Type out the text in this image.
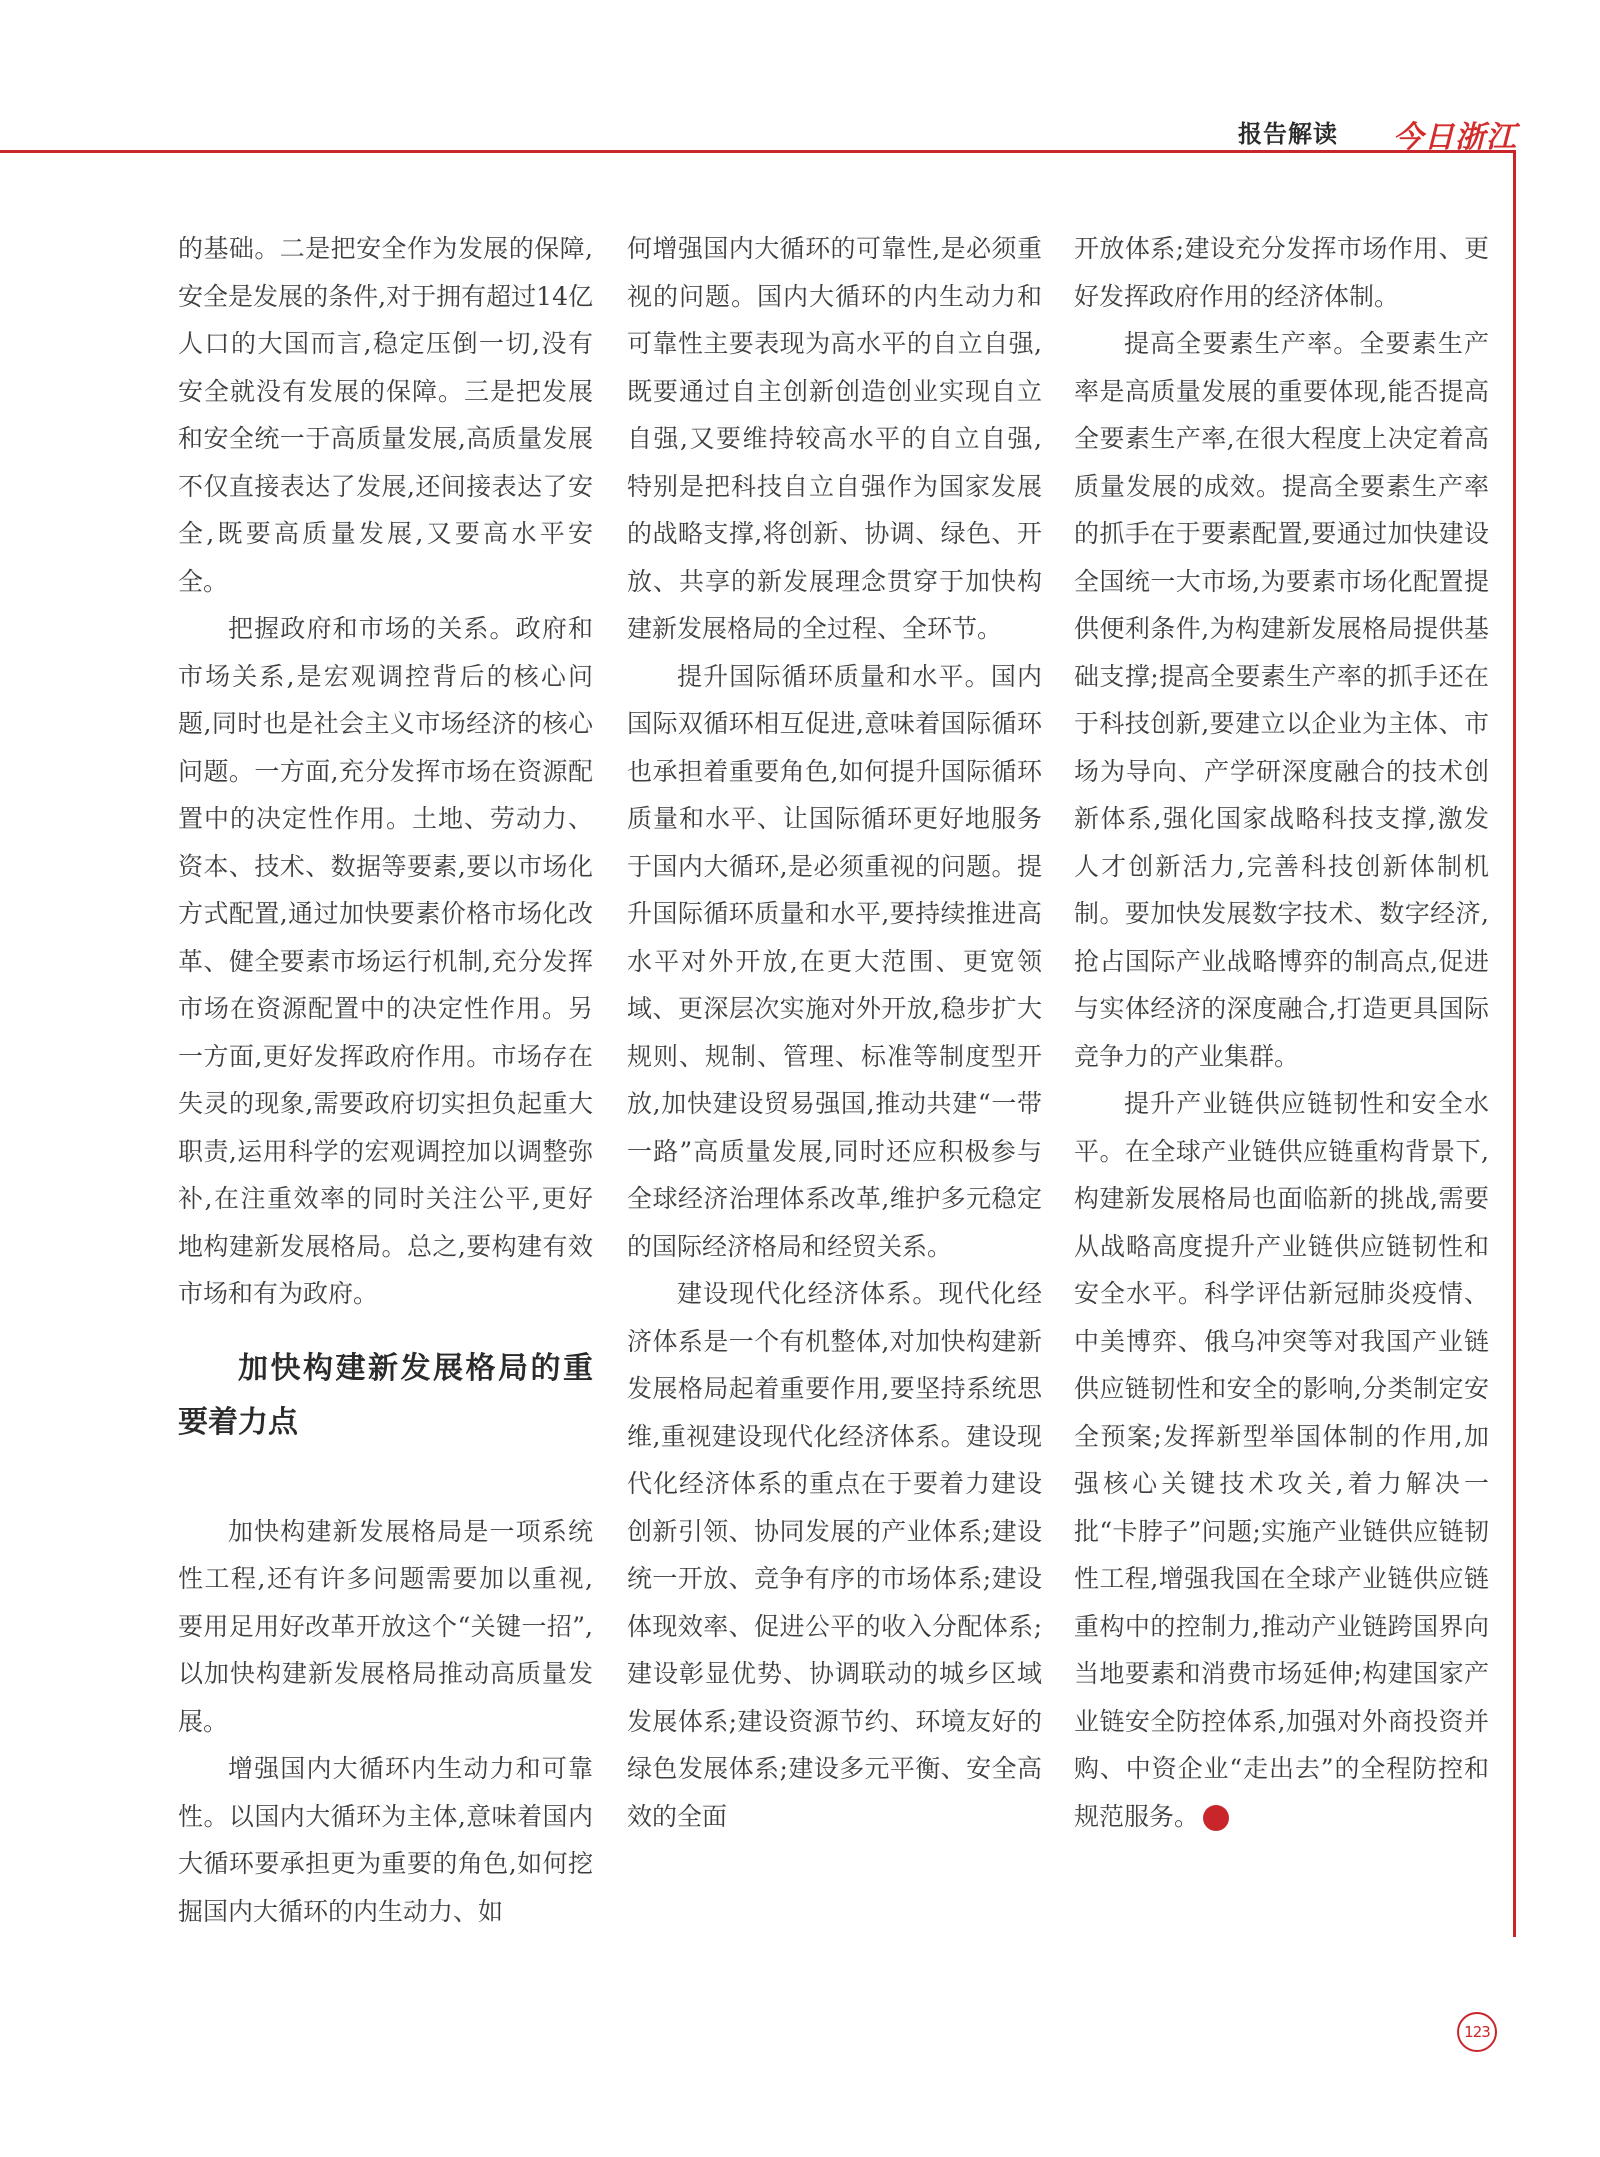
报告解读	今日浙江

的基础。二是把安全作为发展的保障,安全是发展的条件,对于拥有超过14亿人口的大国而言,稳定压倒一切,没有安全就没有发展的保障。三是把发展和安全统一于高质量发展,高质量发展不仅直接表达了发展,还间接表达了安全,既要高质量发展,又要高水平安全。

把握政府和市场的关系。政府和市场关系,是宏观调控背后的核心问题,同时也是社会主义市场经济的核心问题。一方面,充分发挥市场在资源配置中的决定性作用。土地、劳动力、资本、技术、数据等要素,要以市场化方式配置,通过加快要素价格市场化改革、健全要素市场运行机制,充分发挥市场在资源配置中的决定性作用。另一方面,更好发挥政府作用。市场存在失灵的现象,需要政府切实担负起重大职责,运用科学的宏观调控加以调整弥补,在注重效率的同时关注公平,更好地构建新发展格局。总之,要构建有效市场和有为政府。

加快构建新发展格局的重要着力点

加快构建新发展格局是一项系统性工程,还有许多问题需要加以重视,要用足用好改革开放这个“关键一招”,以加快构建新发展格局推动高质量发展。

增强国内大循环内生动力和可靠性。以国内大循环为主体,意味着国内大循环要承担更为重要的角色,如何挖掘国内大循环的内生动力、如

何增强国内大循环的可靠性,是必须重视的问题。国内大循环的内生动力和可靠性主要表现为高水平的自立自强,既要通过自主创新创造创业实现自立自强,又要维持较高水平的自立自强,特别是把科技自立自强作为国家发展的战略支撑,将创新、协调、绿色、开放、共享的新发展理念贯穿于加快构建新发展格局的全过程、全环节。

提升国际循环质量和水平。国内国际双循环相互促进,意味着国际循环也承担着重要角色,如何提升国际循环质量和水平、让国际循环更好地服务于国内大循环,是必须重视的问题。提升国际循环质量和水平,要持续推进高水平对外开放,在更大范围、更宽领域、更深层次实施对外开放,稳步扩大规则、规制、管理、标准等制度型开放,加快建设贸易强国,推动共建“一带一路”高质量发展,同时还应积极参与全球经济治理体系改革,维护多元稳定的国际经济格局和经贸关系。

建设现代化经济体系。现代化经济体系是一个有机整体,对加快构建新发展格局起着重要作用,要坚持系统思维,重视建设现代化经济体系。建设现代化经济体系的重点在于要着力建设创新引领、协同发展的产业体系;建设统一开放、竞争有序的市场体系;建设体现效率、促进公平的收入分配体系;建设彰显优势、协调联动的城乡区域发展体系;建设资源节约、环境友好的绿色发展体系;建设多元平衡、安全高效的全面

开放体系;建设充分发挥市场作用、更好发挥政府作用的经济体制。

提高全要素生产率。全要素生产率是高质量发展的重要体现,能否提高全要素生产率,在很大程度上决定着高质量发展的成效。提高全要素生产率的抓手在于要素配置,要通过加快建设全国统一大市场,为要素市场化配置提供便利条件,为构建新发展格局提供基础支撑;提高全要素生产率的抓手还在于科技创新,要建立以企业为主体、市场为导向、产学研深度融合的技术创新体系,强化国家战略科技支撑,激发人才创新活力,完善科技创新体制机制。要加快发展数字技术、数字经济,抢占国际产业战略博弈的制高点,促进与实体经济的深度融合,打造更具国际竞争力的产业集群。

提升产业链供应链韧性和安全水平。在全球产业链供应链重构背景下,构建新发展格局也面临新的挑战,需要从战略高度提升产业链供应链韧性和安全水平。科学评估新冠肺炎疫情、中美博弈、俄乌冲突等对我国产业链供应链韧性和安全的影响,分类制定安全预案;发挥新型举国体制的作用,加强核心关键技术攻关,着力解决一批“卡脖子”问题;实施产业链供应链韧性工程,增强我国在全球产业链供应链重构中的控制力,推动产业链跨国界向当地要素和消费市场延伸;构建国家产业链安全防控体系,加强对外商投资并购、中资企业“走出去”的全程防控和规范服务。	今

123
